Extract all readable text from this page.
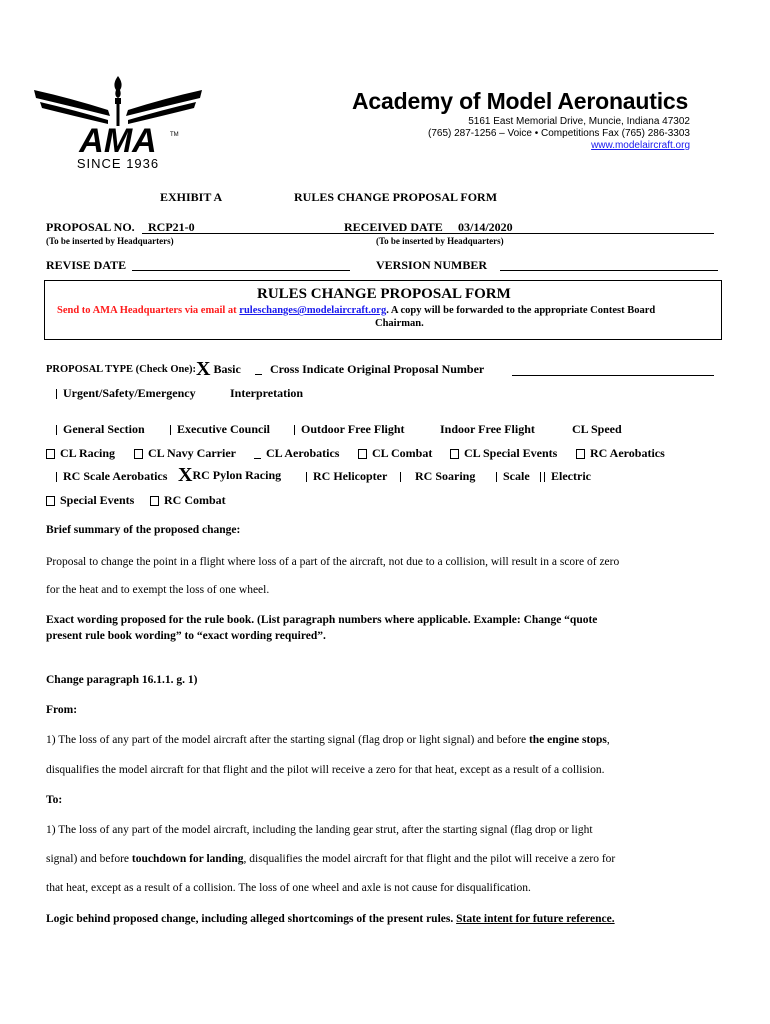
AMA TM
SINCE 1936
Academy of Model Aeronautics
5161 East Memorial Drive, Muncie, Indiana 47302
(765) 287-1256 – Voice • Competitions Fax (765) 286-3303
www.modelaircraft.org
EXHIBIT A	RULES CHANGE PROPOSAL FORM
PROPOSAL NO. RCP21-0
(To be inserted by Headquarters)
RECEIVED DATE 03/14/2020
(To be inserted by Headquarters)
REVISE DATE	VERSION NUMBER
RULES CHANGE PROPOSAL FORM
Send to AMA Headquarters via email at ruleschanges@modelaircraft.org. A copy will be forwarded to the appropriate Contest Board
Chairman.
PROPOSAL TYPE (Check One): X Basic	Cross Indicate Original Proposal Number
Urgent/Safety/Emergency	Interpretation
General Section	Executive Council	Outdoor Free Flight	Indoor Free Flight	CL Speed
CL Racing	CL Navy Carrier	CL Aerobatics	CL Combat	CL Special Events	RC Aerobatics
RC Scale Aerobatics XRC Pylon Racing	RC Helicopter	RC Soaring	Scale	Electric
Special Events	RC Combat
Brief summary of the proposed change:
Proposal to change the point in a flight where loss of a part of the aircraft, not due to a collision, will result in a score of zero
for the heat and to exempt the loss of one wheel.
Exact wording proposed for the rule book. (List paragraph numbers where applicable. Example: Change “quote
present rule book wording” to “exact wording required”.
Change paragraph 16.1.1. g. 1)
From:
1) The loss of any part of the model aircraft after the starting signal (flag drop or light signal) and before the engine stops,
disqualifies the model aircraft for that flight and the pilot will receive a zero for that heat, except as a result of a collision.
To:
1) The loss of any part of the model aircraft, including the landing gear strut, after the starting signal (flag drop or light
signal) and before touchdown for landing, disqualifies the model aircraft for that flight and the pilot will receive a zero for
that heat, except as a result of a collision. The loss of one wheel and axle is not cause for disqualification.
Logic behind proposed change, including alleged shortcomings of the present rules. State intent for future reference.
